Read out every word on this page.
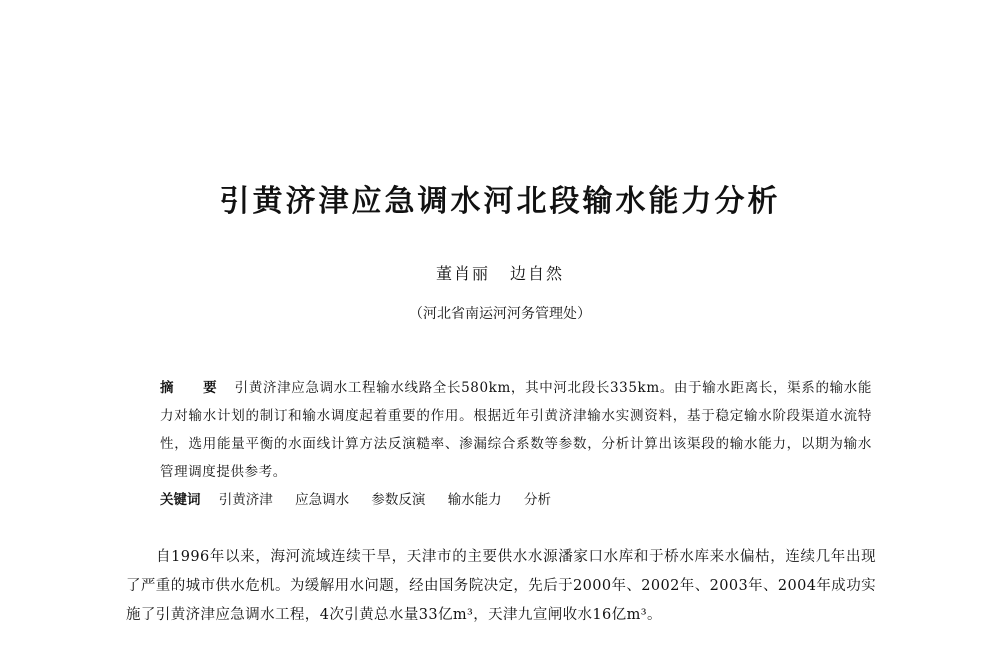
引黄济津应急调水河北段输水能力分析
董肖丽 边自然
（河北省南运河河务管理处）
摘　要 引黄济津应急调水工程输水线路全长580km，其中河北段长335km。由于输水距离长，渠系的输水能力对输水计划的制订和输水调度起着重要的作用。根据近年引黄济津输水实测资料，基于稳定输水阶段渠道水流特性，选用能量平衡的水面线计算方法反演糙率、渗漏综合系数等参数，分析计算出该渠段的输水能力，以期为输水管理调度提供参考。
关键词 引黄济津 应急调水 参数反演 输水能力 分析
自1996年以来，海河流域连续干旱，天津市的主要供水水源潘家口水库和于桥水库来水偏枯，连续几年出现了严重的城市供水危机。为缓解用水问题，经由国务院决定，先后于2000年、2002年、2003年、2004年成功实施了引黄济津应急调水工程，4次引黄总水量33亿m³，天津九宣闸收水16亿m³。
